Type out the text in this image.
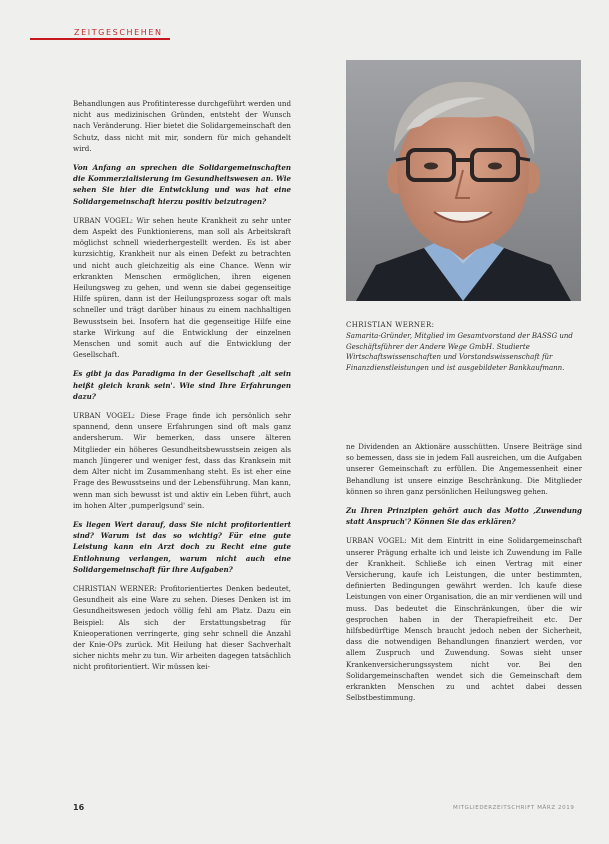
ZEITGESCHEHEN

Behandlungen aus Profitinteresse durchgeführt werden und nicht aus medizinischen Gründen, entsteht der Wunsch nach Veränderung. Hier bietet die Solidargemeinschaft den Schutz, dass nicht mit mir, sondern für mich gehandelt wird.

Von Anfang an sprechen die Solidargemeinschaften die Kommerzialisierung im Gesundheitswesen an. Wie sehen Sie hier die Entwicklung und was hat eine Solidargemeinschaft hierzu positiv beizutragen?

URBAN VOGEL: Wir sehen heute Krankheit zu sehr unter dem Aspekt des Funktionierens, man soll als Arbeitskraft möglichst schnell wiederhergestellt werden. Es ist aber kurzsichtig, Krankheit nur als einen Defekt zu betrachten und nicht auch gleichzeitig als eine Chance. Wenn wir erkrankten Menschen ermöglichen, ihren eigenen Heilungsweg zu gehen, und wenn sie dabei gegenseitige Hilfe spüren, dann ist der Heilungsprozess sogar oft mals schneller und trägt darüber hinaus zu einem nachhaltigen Bewusstsein bei. Insofern hat die gegenseitige Hilfe eine starke Wirkung auf die Entwicklung der einzelnen Menschen und somit auch auf die Entwicklung der Gesellschaft.

Es gibt ja das Paradigma in der Gesellschaft ‚alt sein heißt gleich krank sein'. Wie sind Ihre Erfahrungen dazu?

URBAN VOGEL: Diese Frage finde ich persönlich sehr spannend, denn unsere Erfahrungen sind oft mals ganz andersherum. Wir bemerken, dass unsere älteren Mitglieder ein höheres Gesundheitsbewusstsein zeigen als manch Jüngerer und weniger fest, dass das Kranksein mit dem Alter nicht im Zusammenhang steht. Es ist eher eine Frage des Bewusstseins und der Lebensführung. Man kann, wenn man sich bewusst ist und aktiv ein Leben führt, auch im hohen Alter ‚pumperlgsund' sein.

Es liegen Wert darauf, dass Sie nicht profitorientiert sind? Warum ist das so wichtig? Für eine gute Leistung kann ein Arzt doch zu Recht eine gute Entlohnung verlangen, warum nicht auch eine Solidargemeinschaft für ihre Aufgaben?

CHRISTIAN WERNER: Profitorientiertes Denken bedeutet, Gesundheit als eine Ware zu sehen. Dieses Denken ist im Gesundheitswesen jedoch völlig fehl am Platz. Dazu ein Beispiel: Als sich der Erstattungsbetrag für Knieoperationen verringerte, ging sehr schnell die Anzahl der Knie-OPs zurück. Mit Heilung hat dieser Sachverhalt sicher nichts mehr zu tun. Wir arbeiten dagegen tatsächlich nicht profitorientiert. Wir müssen kei-

CHRISTIAN WERNER:
Samarita-Gründer, Mitglied im Gesamtvorstand der BASSG und Geschäftsführer der Andere Wege GmbH. Studierte Wirtschaftswissenschaften und Vorstandswissenschaft für Finanzdienstleistungen und ist ausgebildeter Bankkaufmann.

ne Dividenden an Aktionäre ausschütten. Unsere Beiträge sind so bemessen, dass sie in jedem Fall ausreichen, um die Aufgaben unserer Gemeinschaft zu erfüllen. Die Angemessenheit einer Behandlung ist unsere einzige Beschränkung. Die Mitglieder können so ihren ganz persönlichen Heilungsweg gehen.

Zu Ihren Prinzipien gehört auch das Motto ‚Zuwendung statt Anspruch'? Können Sie das erklären?

URBAN VOGEL: Mit dem Eintritt in eine Solidargemeinschaft unserer Prägung erhalte ich und leiste ich Zuwendung im Falle der Krankheit. Schließe ich einen Vertrag mit einer Versicherung, kaufe ich Leistungen, die unter bestimmten, definierten Bedingungen gewährt werden. Ich kaufe diese Leistungen von einer Organisation, die an mir verdienen will und muss. Das bedeutet die Einschränkungen, über die wir gesprochen haben in der Therapiefreiheit etc. Der hilfsbedürftige Mensch braucht jedoch neben der Sicherheit, dass die notwendigen Behandlungen finanziert werden, vor allem Zuspruch und Zuwendung. Sowas sieht unser Krankenversicherungssystem nicht vor. Bei den Solidargemeinschaften wendet sich die Gemeinschaft dem erkrankten Menschen zu und achtet dabei dessen Selbstbestimmung.

16	MITGLIEDERZEITSCHRIFT MÄRZ 2019
